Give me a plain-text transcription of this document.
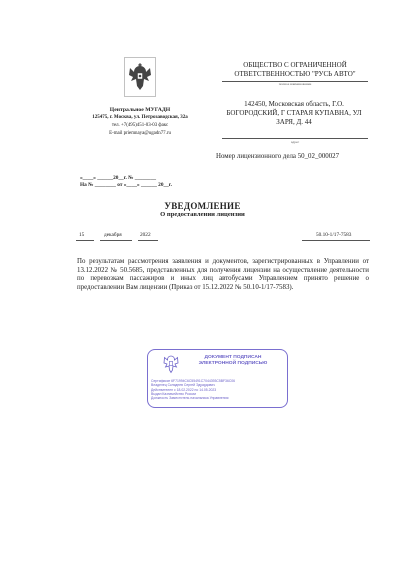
Центральное МУГАДН
125475, г. Москва, ул. Петрозаводская, 32а
тел. +7(495)451-03-03 факс
E-mail priemnaya@ugadn77.ru
ОБЩЕСТВО С ОГРАНИЧЕННОЙ ОТВЕТСТВЕННОСТЬЮ "РУСЬ АВТО"
полное наименование
142450, Московская область, Г.О. БОГОРОДСКИЙ, Г СТАРАЯ КУПАВНА, УЛ ЗАРЯ, Д. 44
адрес
Номер лицензионного дела 50_02_000027
«____» ______20__г. № ________
На № ________ от «____» ______ 20__г.
УВЕДОМЛЕНИЕ
О предоставлении лицензии
15	декабря	2022	50.10-1/17-7583
По результатам рассмотрения заявления и документов, зарегистрированных в Управлении от 13.12.2022 № 50.5685, представленных для получения лицензии на осуществление деятельности по перевозкам пассажиров и иных лиц автобусами Управлением принято решение о предоставлении Вам лицензии (Приказ от 15.12.2022 № 50.10-1/17-7583).
ДОКУМЕНТ ПОДПИСАН ЭЛЕКТРОННОЙ ПОДПИСЬЮ
Сертификат 6F71994C6C55491C7044393C5BF36C06
Владелец Скляднев Сергей Эдуардович
Действителен с 18.02.2022 по 14.05.2023
Выдан Казначейство России
Должность Заместитель начальника Управления
